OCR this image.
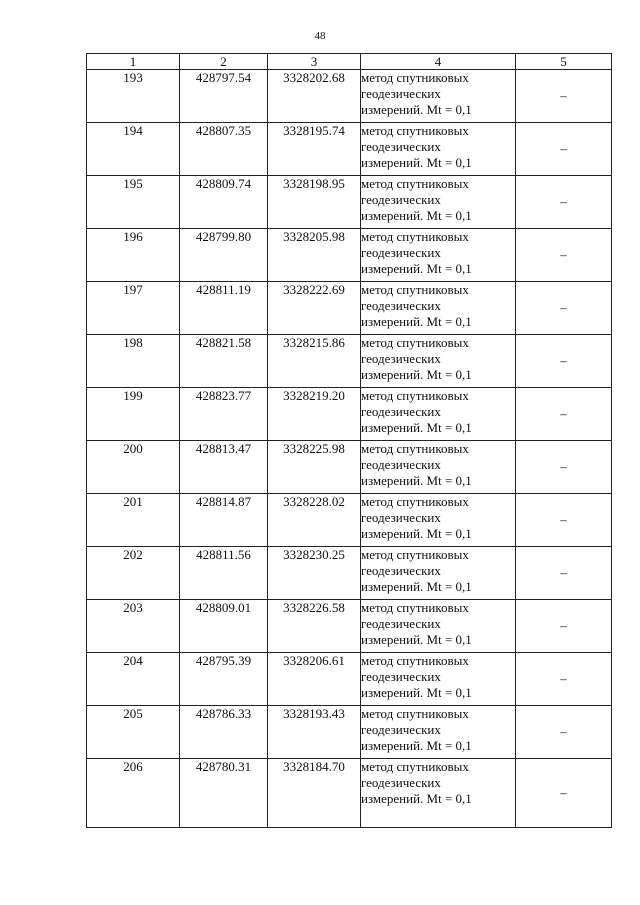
48
1	2	3	4	5
193	428797.54	3328202.68	метод спутниковых
геодезических
измерений. Mt = 0,1	–
194	428807.35	3328195.74	метод спутниковых
геодезических
измерений. Mt = 0,1	–
195	428809.74	3328198.95	метод спутниковых
геодезических
измерений. Mt = 0,1	–
196	428799.80	3328205.98	метод спутниковых
геодезических
измерений. Mt = 0,1	–
197	428811.19	3328222.69	метод спутниковых
геодезических
измерений. Mt = 0,1	–
198	428821.58	3328215.86	метод спутниковых
геодезических
измерений. Mt = 0,1	–
199	428823.77	3328219.20	метод спутниковых
геодезических
измерений. Mt = 0,1	–
200	428813.47	3328225.98	метод спутниковых
геодезических
измерений. Mt = 0,1	–
201	428814.87	3328228.02	метод спутниковых
геодезических
измерений. Mt = 0,1	–
202	428811.56	3328230.25	метод спутниковых
геодезических
измерений. Mt = 0,1	–
203	428809.01	3328226.58	метод спутниковых
геодезических
измерений. Mt = 0,1	–
204	428795.39	3328206.61	метод спутниковых
геодезических
измерений. Mt = 0,1	–
205	428786.33	3328193.43	метод спутниковых
геодезических
измерений. Mt = 0,1	–
206	428780.31	3328184.70	метод спутниковых
геодезических
измерений. Mt = 0,1	–
